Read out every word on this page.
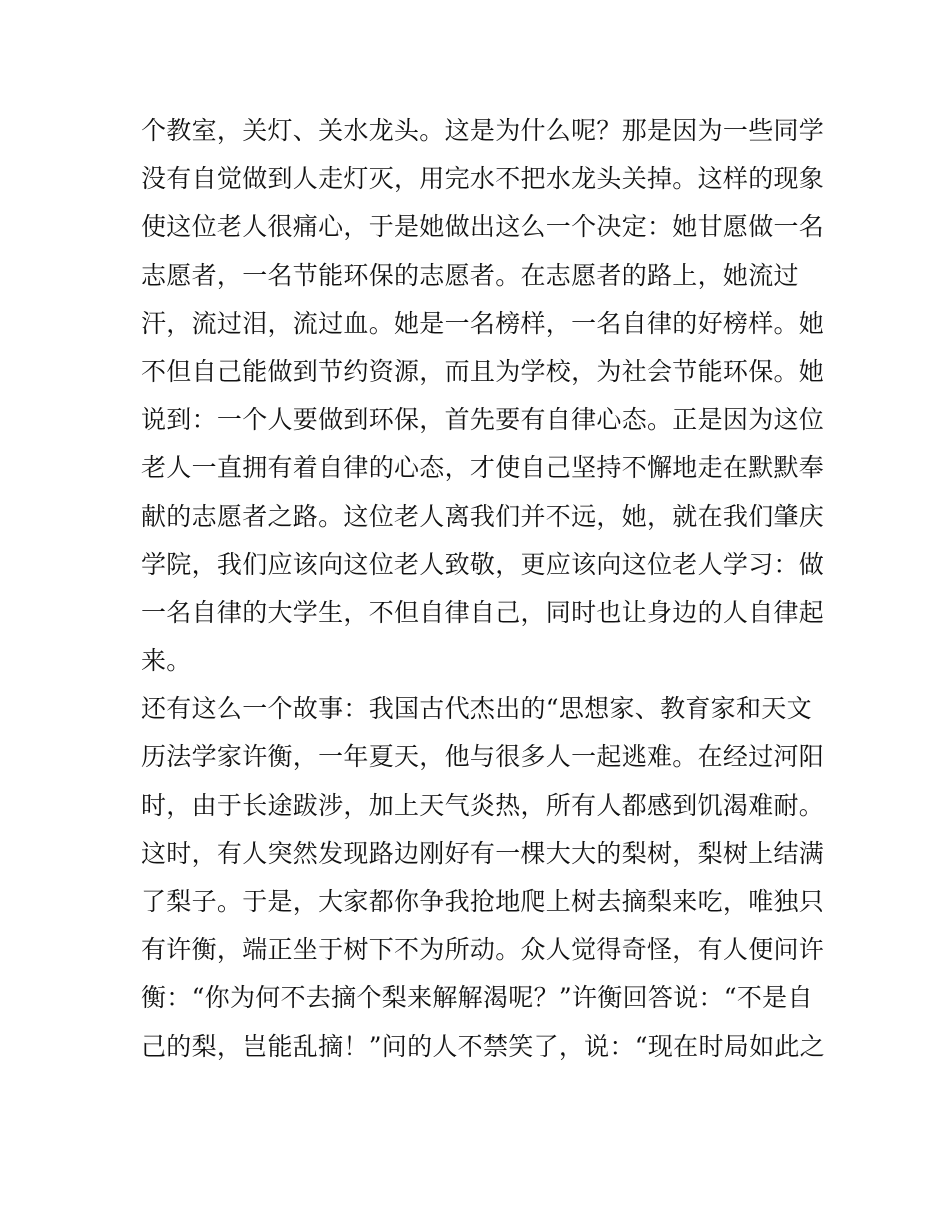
个教室，关灯、关水龙头。这是为什么呢？那是因为一些同学
没有自觉做到人走灯灭，用完水不把水龙头关掉。这样的现象
使这位老人很痛心，于是她做出这么一个决定：她甘愿做一名
志愿者，一名节能环保的志愿者。在志愿者的路上，她流过
汗，流过泪，流过血。她是一名榜样，一名自律的好榜样。她
不但自己能做到节约资源，而且为学校，为社会节能环保。她
说到：一个人要做到环保，首先要有自律心态。正是因为这位
老人一直拥有着自律的心态，才使自己坚持不懈地走在默默奉
献的志愿者之路。这位老人离我们并不远，她，就在我们肇庆
学院，我们应该向这位老人致敬，更应该向这位老人学习：做
一名自律的大学生，不但自律自己，同时也让身边的人自律起
来。
还有这么一个故事：我国古代杰出的“思想家、教育家和天文
历法学家许衡，一年夏天，他与很多人一起逃难。在经过河阳
时，由于长途跋涉，加上天气炎热，所有人都感到饥渴难耐。
这时，有人突然发现路边刚好有一棵大大的梨树，梨树上结满
了梨子。于是，大家都你争我抢地爬上树去摘梨来吃，唯独只
有许衡，端正坐于树下不为所动。众人觉得奇怪，有人便问许
衡：“你为何不去摘个梨来解解渴呢？”许衡回答说：“不是自
己的梨，岂能乱摘！”问的人不禁笑了，说：“现在时局如此之
